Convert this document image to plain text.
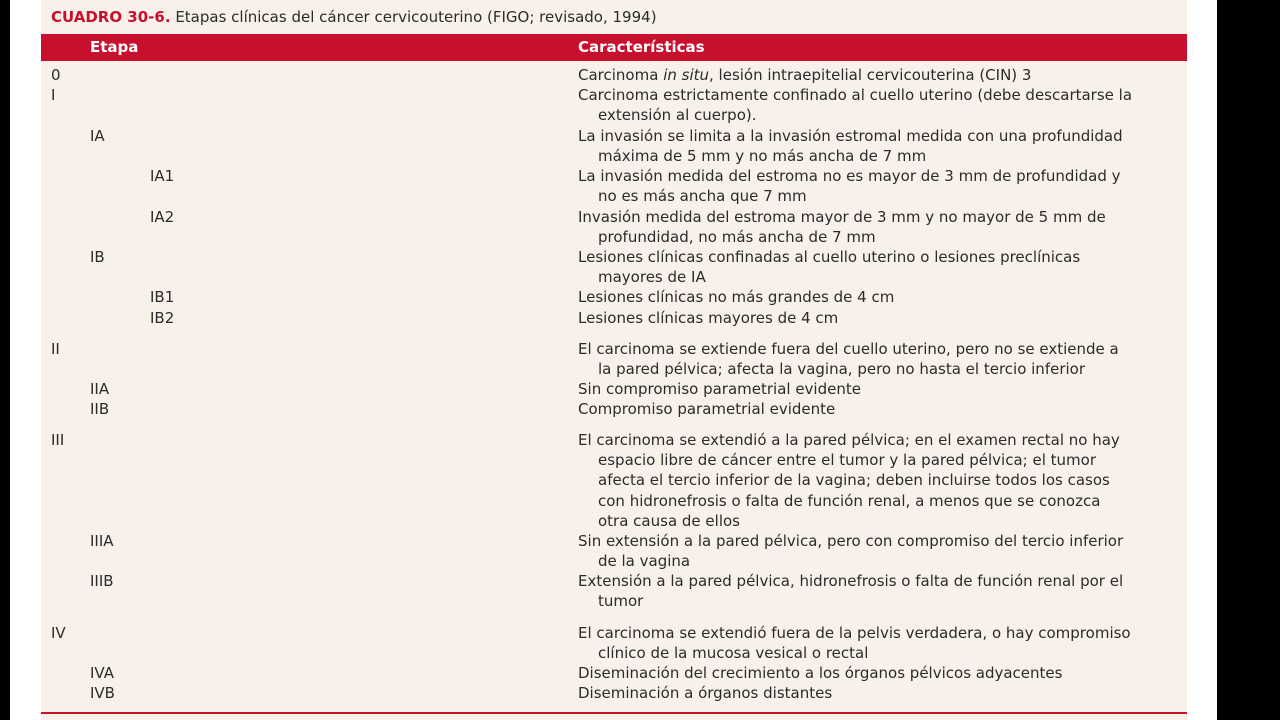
CUADRO 30-6. Etapas clínicas del cáncer cervicouterino (FIGO; revisado, 1994)
Etapa	Características
0	Carcinoma in situ, lesión intraepitelial cervicouterina (CIN) 3
I	Carcinoma estrictamente confinado al cuello uterino (debe descartarse la
extensión al cuerpo).
IA	La invasión se limita a la invasión estromal medida con una profundidad
máxima de 5 mm y no más ancha de 7 mm
IA1	La invasión medida del estroma no es mayor de 3 mm de profundidad y
no es más ancha que 7 mm
IA2	Invasión medida del estroma mayor de 3 mm y no mayor de 5 mm de
profundidad, no más ancha de 7 mm
IB	Lesiones clínicas confinadas al cuello uterino o lesiones preclínicas
mayores de IA
IB1	Lesiones clínicas no más grandes de 4 cm
IB2	Lesiones clínicas mayores de 4 cm
II	El carcinoma se extiende fuera del cuello uterino, pero no se extiende a
la pared pélvica; afecta la vagina, pero no hasta el tercio inferior
IIA	Sin compromiso parametrial evidente
IIB	Compromiso parametrial evidente
III	El carcinoma se extendió a la pared pélvica; en el examen rectal no hay
espacio libre de cáncer entre el tumor y la pared pélvica; el tumor
afecta el tercio inferior de la vagina; deben incluirse todos los casos
con hidronefrosis o falta de función renal, a menos que se conozca
otra causa de ellos
IIIA	Sin extensión a la pared pélvica, pero con compromiso del tercio inferior
de la vagina
IIIB	Extensión a la pared pélvica, hidronefrosis o falta de función renal por el
tumor
IV	El carcinoma se extendió fuera de la pelvis verdadera, o hay compromiso
clínico de la mucosa vesical o rectal
IVA	Diseminación del crecimiento a los órganos pélvicos adyacentes
IVB	Diseminación a órganos distantes
